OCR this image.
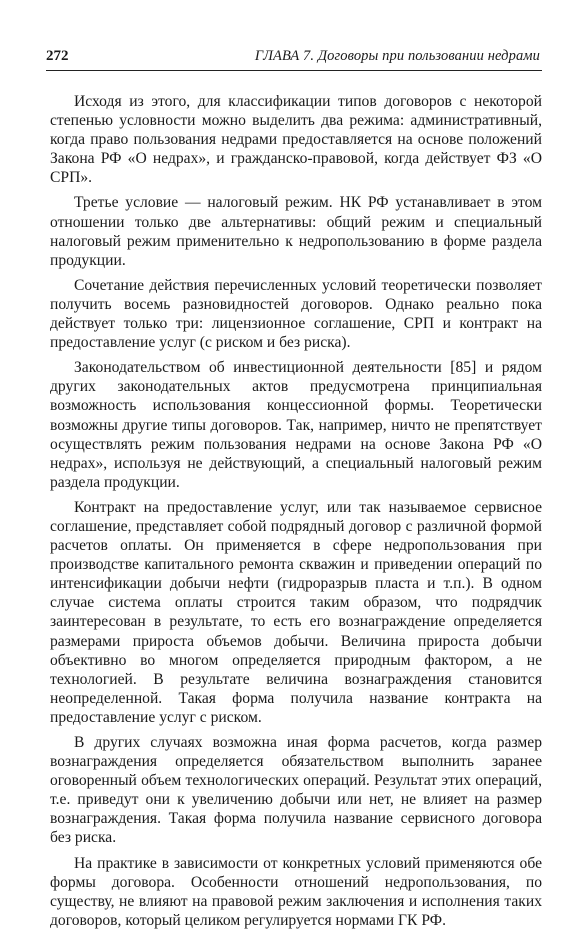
272	ГЛАВА 7. Договоры при пользовании недрами

Исходя из этого, для классификации типов договоров с некоторой степенью условности можно выделить два режима: административный, когда право пользования недрами предоставляется на основе положений Закона РФ «О недрах», и гражданско-правовой, когда действует ФЗ «О СРП».

Третье условие — налоговый режим. НК РФ устанавливает в этом отношении только две альтернативы: общий режим и специальный налоговый режим применительно к недропользованию в форме раздела продукции.

Сочетание действия перечисленных условий теоретически позволяет получить восемь разновидностей договоров. Однако реально пока действует только три: лицензионное соглашение, СРП и контракт на предоставление услуг (с риском и без риска).

Законодательством об инвестиционной деятельности [85] и рядом других законодательных актов предусмотрена принципиальная возможность использования концессионной формы. Теоретически возможны другие типы договоров. Так, например, ничто не препятствует осуществлять режим пользования недрами на основе Закона РФ «О недрах», используя не действующий, а специальный налоговый режим раздела продукции.

Контракт на предоставление услуг, или так называемое сервисное соглашение, представляет собой подрядный договор с различной формой расчетов оплаты. Он применяется в сфере недропользования при производстве капитального ремонта скважин и приведении операций по интенсификации добычи нефти (гидроразрыв пласта и т.п.). В одном случае система оплаты строится таким образом, что подрядчик заинтересован в результате, то есть его вознаграждение определяется размерами прироста объемов добычи. Величина прироста добычи объективно во многом определяется природным фактором, а не технологией. В результате величина вознаграждения становится неопределенной. Такая форма получила название контракта на предоставление услуг с риском.

В других случаях возможна иная форма расчетов, когда размер вознаграждения определяется обязательством выполнить заранее оговоренный объем технологических операций. Результат этих операций, т.е. приведут они к увеличению добычи или нет, не влияет на размер вознаграждения. Такая форма получила название сервисного договора без риска.

На практике в зависимости от конкретных условий применяются обе формы договора. Особенности отношений недропользования, по существу, не влияют на правовой режим заключения и исполнения таких договоров, который целиком регулируется нормами ГК РФ.
